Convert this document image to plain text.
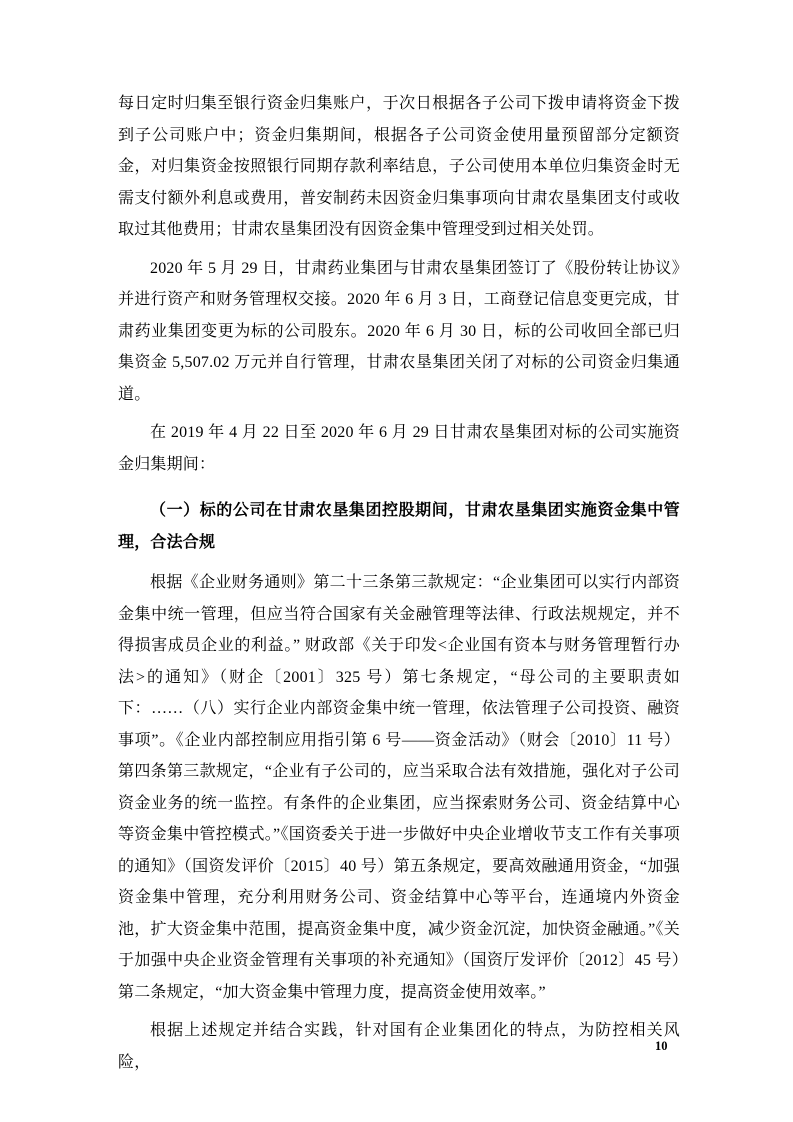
每日定时归集至银行资金归集账户，于次日根据各子公司下拨申请将资金下拨到子公司账户中；资金归集期间，根据各子公司资金使用量预留部分定额资金，对归集资金按照银行同期存款利率结息，子公司使用本单位归集资金时无需支付额外利息或费用，普安制药未因资金归集事项向甘肃农垦集团支付或收取过其他费用；甘肃农垦集团没有因资金集中管理受到过相关处罚。

2020 年 5 月 29 日，甘肃药业集团与甘肃农垦集团签订了《股份转让协议》并进行资产和财务管理权交接。2020 年 6 月 3 日，工商登记信息变更完成，甘肃药业集团变更为标的公司股东。2020 年 6 月 30 日，标的公司收回全部已归集资金 5,507.02 万元并自行管理，甘肃农垦集团关闭了对标的公司资金归集通道。

在 2019 年 4 月 22 日至 2020 年 6 月 29 日甘肃农垦集团对标的公司实施资金归集期间：

（一）标的公司在甘肃农垦集团控股期间，甘肃农垦集团实施资金集中管理，合法合规

根据《企业财务通则》第二十三条第三款规定：“企业集团可以实行内部资金集中统一管理，但应当符合国家有关金融管理等法律、行政法规规定，并不得损害成员企业的利益。” 财政部《关于印发<企业国有资本与财务管理暂行办法>的通知》（财企〔2001〕325 号）第七条规定，“母公司的主要职责如下：……（八）实行企业内部资金集中统一管理，依法管理子公司投资、融资事项”。《企业内部控制应用指引第 6 号——资金活动》（财会〔2010〕11 号）第四条第三款规定，“企业有子公司的，应当采取合法有效措施，强化对子公司资金业务的统一监控。有条件的企业集团，应当探索财务公司、资金结算中心等资金集中管控模式。”《国资委关于进一步做好中央企业增收节支工作有关事项的通知》（国资发评价〔2015〕40 号）第五条规定，要高效融通用资金，“加强资金集中管理，充分利用财务公司、资金结算中心等平台，连通境内外资金池，扩大资金集中范围，提高资金集中度，减少资金沉淀，加快资金融通。”《关于加强中央企业资金管理有关事项的补充通知》（国资厅发评价〔2012〕45 号）第二条规定，“加大资金集中管理力度，提高资金使用效率。”

根据上述规定并结合实践，针对国有企业集团化的特点，为防控相关风险，

10
